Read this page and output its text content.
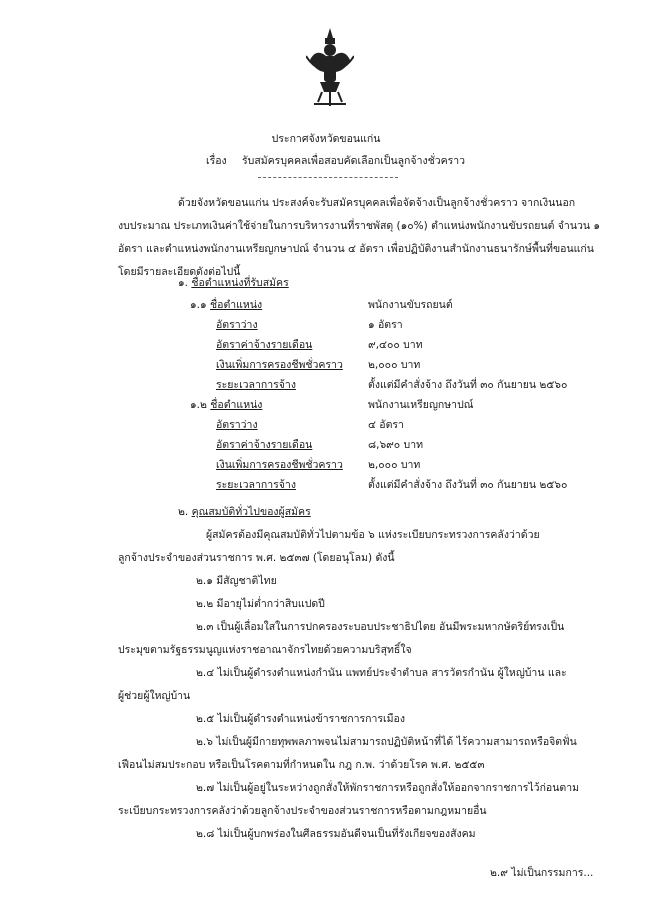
ประกาศจังหวัดขอนแก่น
เรื่อง รับสมัครบุคคลเพื่อสอบคัดเลือกเป็นลูกจ้างชั่วคราว
ด้วยจังหวัดขอนแก่น ประสงค์จะรับสมัครบุคคลเพื่อจัดจ้างเป็นลูกจ้างชั่วคราว จากเงินนอก
งบประมาณ ประเภทเงินค่าใช้จ่ายในการบริหารงานที่ราชพัสดุ (๑๐%) ตำแหน่งพนักงานขับรถยนต์ จำนวน ๑
อัตรา และตำแหน่งพนักงานเหรียญกษาปณ์ จำนวน ๔ อัตรา เพื่อปฏิบัติงานสำนักงานธนารักษ์พื้นที่ขอนแก่น
โดยมีรายละเอียดดังต่อไปนี้
๑. ชื่อตำแหน่งที่รับสมัคร
๑.๑ ชื่อตำแหน่ง	พนักงานขับรถยนต์
อัตราว่าง	๑ อัตรา
อัตราค่าจ้างรายเดือน	๙,๔๐๐ บาท
เงินเพิ่มการครองชีพชั่วคราว ๒,๐๐๐ บาท
ระยะเวลาการจ้าง	ตั้งแต่มีคำสั่งจ้าง ถึงวันที่ ๓๐ กันยายน ๒๕๖๐
๑.๒ ชื่อตำแหน่ง	พนักงานเหรียญกษาปณ์
อัตราว่าง	๔ อัตรา
อัตราค่าจ้างรายเดือน	๘,๖๙๐ บาท
เงินเพิ่มการครองชีพชั่วคราว ๒,๐๐๐ บาท
ระยะเวลาการจ้าง	ตั้งแต่มีคำสั่งจ้าง ถึงวันที่ ๓๐ กันยายน ๒๕๖๐
๒. คุณสมบัติทั่วไปของผู้สมัคร
ผู้สมัครต้องมีคุณสมบัติทั่วไปตามข้อ ๖ แห่งระเบียบกระทรวงการคลังว่าด้วย
ลูกจ้างประจำของส่วนราชการ พ.ศ. ๒๕๓๗ (โดยอนุโลม) ดังนี้
๒.๑ มีสัญชาติไทย
๒.๒ มีอายุไม่ต่ำกว่าสิบแปดปี
๒.๓ เป็นผู้เลื่อมใสในการปกครองระบอบประชาธิปไตย อันมีพระมหากษัตริย์ทรงเป็น
ประมุขตามรัฐธรรมนูญแห่งราชอาณาจักรไทยด้วยความบริสุทธิ์ใจ
๒.๔ ไม่เป็นผู้ดำรงตำแหน่งกำนัน แพทย์ประจำตำบล สารวัตรกำนัน ผู้ใหญ่บ้าน และ
ผู้ช่วยผู้ใหญ่บ้าน
๒.๕ ไม่เป็นผู้ดำรงตำแหน่งข้าราชการการเมือง
๒.๖ ไม่เป็นผู้มีกายทุพพลภาพจนไม่สามารถปฏิบัติหน้าที่ได้ ไร้ความสามารถหรือจิตฟั่น
เฟือนไม่สมประกอบ หรือเป็นโรคตามที่กำหนดใน กฎ ก.พ. ว่าด้วยโรค พ.ศ. ๒๕๕๓
๒.๗ ไม่เป็นผู้อยู่ในระหว่างถูกสั่งให้พักราชการหรือถูกสั่งให้ออกจากราชการไว้ก่อนตาม
ระเบียบกระทรวงการคลังว่าด้วยลูกจ้างประจำของส่วนราชการหรือตามกฎหมายอื่น
๒.๘ ไม่เป็นผู้บกพร่องในศีลธรรมอันดีจนเป็นที่รังเกียจของสังคม
๒.๙ ไม่เป็นกรรมการ...
